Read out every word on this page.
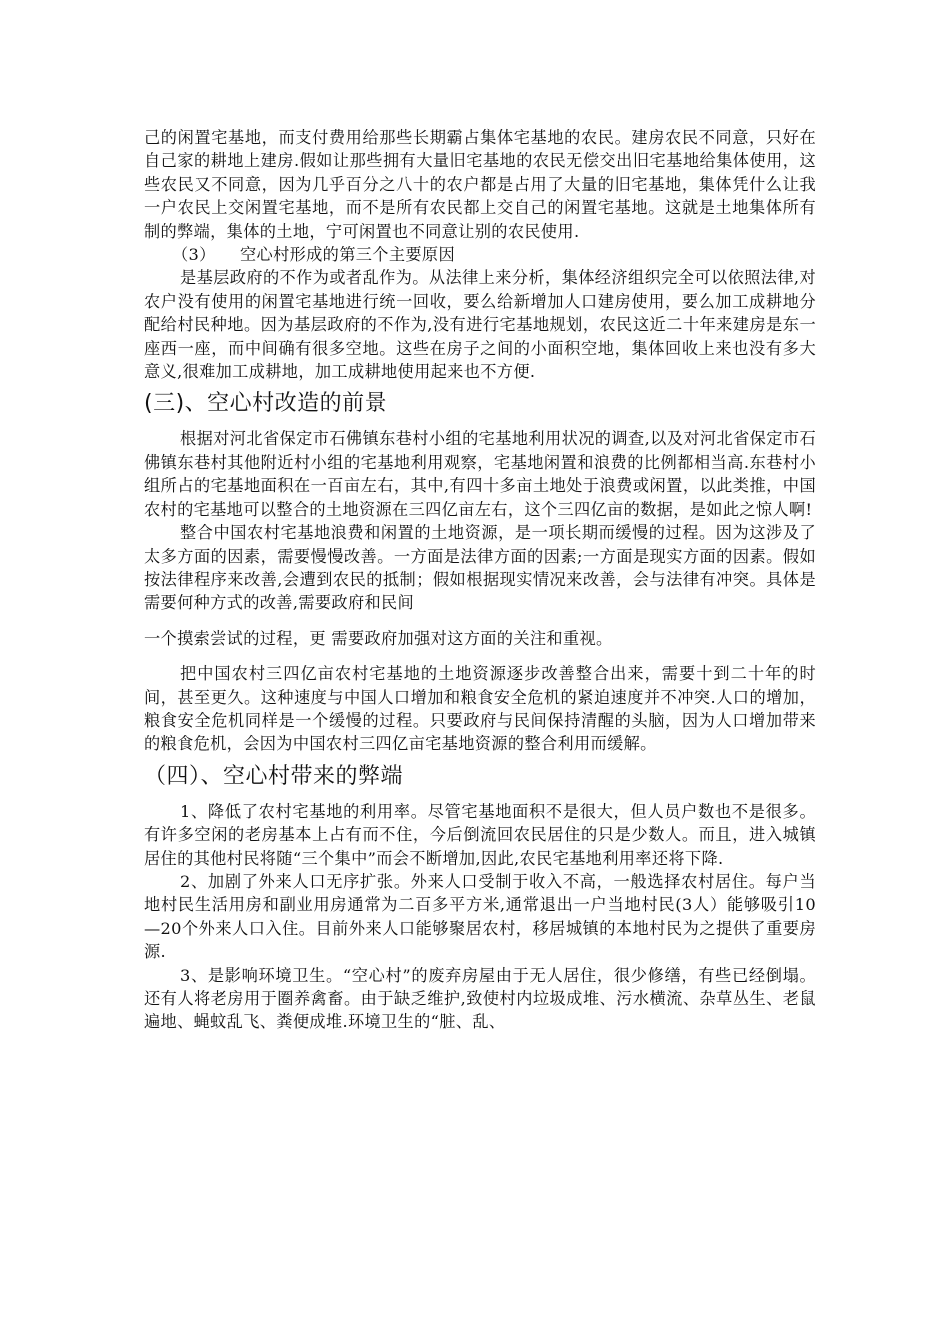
己的闲置宅基地，而支付费用给那些长期霸占集体宅基地的农民。建房农民不同意，只好在自己家的耕地上建房.假如让那些拥有大量旧宅基地的农民无偿交出旧宅基地给集体使用，这些农民又不同意，因为几乎百分之八十的农户都是占用了大量的旧宅基地，集体凭什么让我一户农民上交闲置宅基地，而不是所有农民都上交自己的闲置宅基地。这就是土地集体所有制的弊端，集体的土地，宁可闲置也不同意让别的农民使用.

（3） 空心村形成的第三个主要原因

是基层政府的不作为或者乱作为。从法律上来分析，集体经济组织完全可以依照法律,对农户没有使用的闲置宅基地进行统一回收，要么给新增加人口建房使用，要么加工成耕地分配给村民种地。因为基层政府的不作为,没有进行宅基地规划，农民这近二十年来建房是东一座西一座，而中间确有很多空地。这些在房子之间的小面积空地，集体回收上来也没有多大意义,很难加工成耕地，加工成耕地使用起来也不方便.

(三)、空心村改造的前景

根据对河北省保定市石佛镇东巷村小组的宅基地利用状况的调查,以及对河北省保定市石佛镇东巷村其他附近村小组的宅基地利用观察，宅基地闲置和浪费的比例都相当高.东巷村小组所占的宅基地面积在一百亩左右，其中,有四十多亩土地处于浪费或闲置，以此类推，中国农村的宅基地可以整合的土地资源在三四亿亩左右，这个三四亿亩的数据，是如此之惊人啊!

整合中国农村宅基地浪费和闲置的土地资源，是一项长期而缓慢的过程。因为这涉及了太多方面的因素，需要慢慢改善。一方面是法律方面的因素;一方面是现实方面的因素。假如按法律程序来改善,会遭到农民的抵制；假如根据现实情况来改善，会与法律有冲突。具体是需要何种方式的改善,需要政府和民间

一个摸索尝试的过程，更 需要政府加强对这方面的关注和重视。

把中国农村三四亿亩农村宅基地的土地资源逐步改善整合出来，需要十到二十年的时间，甚至更久。这种速度与中国人口增加和粮食安全危机的紧迫速度并不冲突.人口的增加，粮食安全危机同样是一个缓慢的过程。只要政府与民间保持清醒的头脑，因为人口增加带来的粮食危机，会因为中国农村三四亿亩宅基地资源的整合利用而缓解。

（四）、空心村带来的弊端

1、降低了农村宅基地的利用率。尽管宅基地面积不是很大，但人员户数也不是很多。有许多空闲的老房基本上占有而不住，今后倒流回农民居住的只是少数人。而且，进入城镇居住的其他村民将随“三个集中”而会不断增加,因此,农民宅基地利用率还将下降.

2、加剧了外来人口无序扩张。外来人口受制于收入不高，一般选择农村居住。每户当地村民生活用房和副业用房通常为二百多平方米,通常退出一户当地村民(3人）能够吸引10—20个外来人口入住。目前外来人口能够聚居农村，移居城镇的本地村民为之提供了重要房源.

3、是影响环境卫生。“空心村”的废弃房屋由于无人居住，很少修缮，有些已经倒塌。还有人将老房用于圈养禽畜。由于缺乏维护,致使村内垃圾成堆、污水横流、杂草丛生、老鼠遍地、蝇蚊乱飞、粪便成堆.环境卫生的“脏、乱、
